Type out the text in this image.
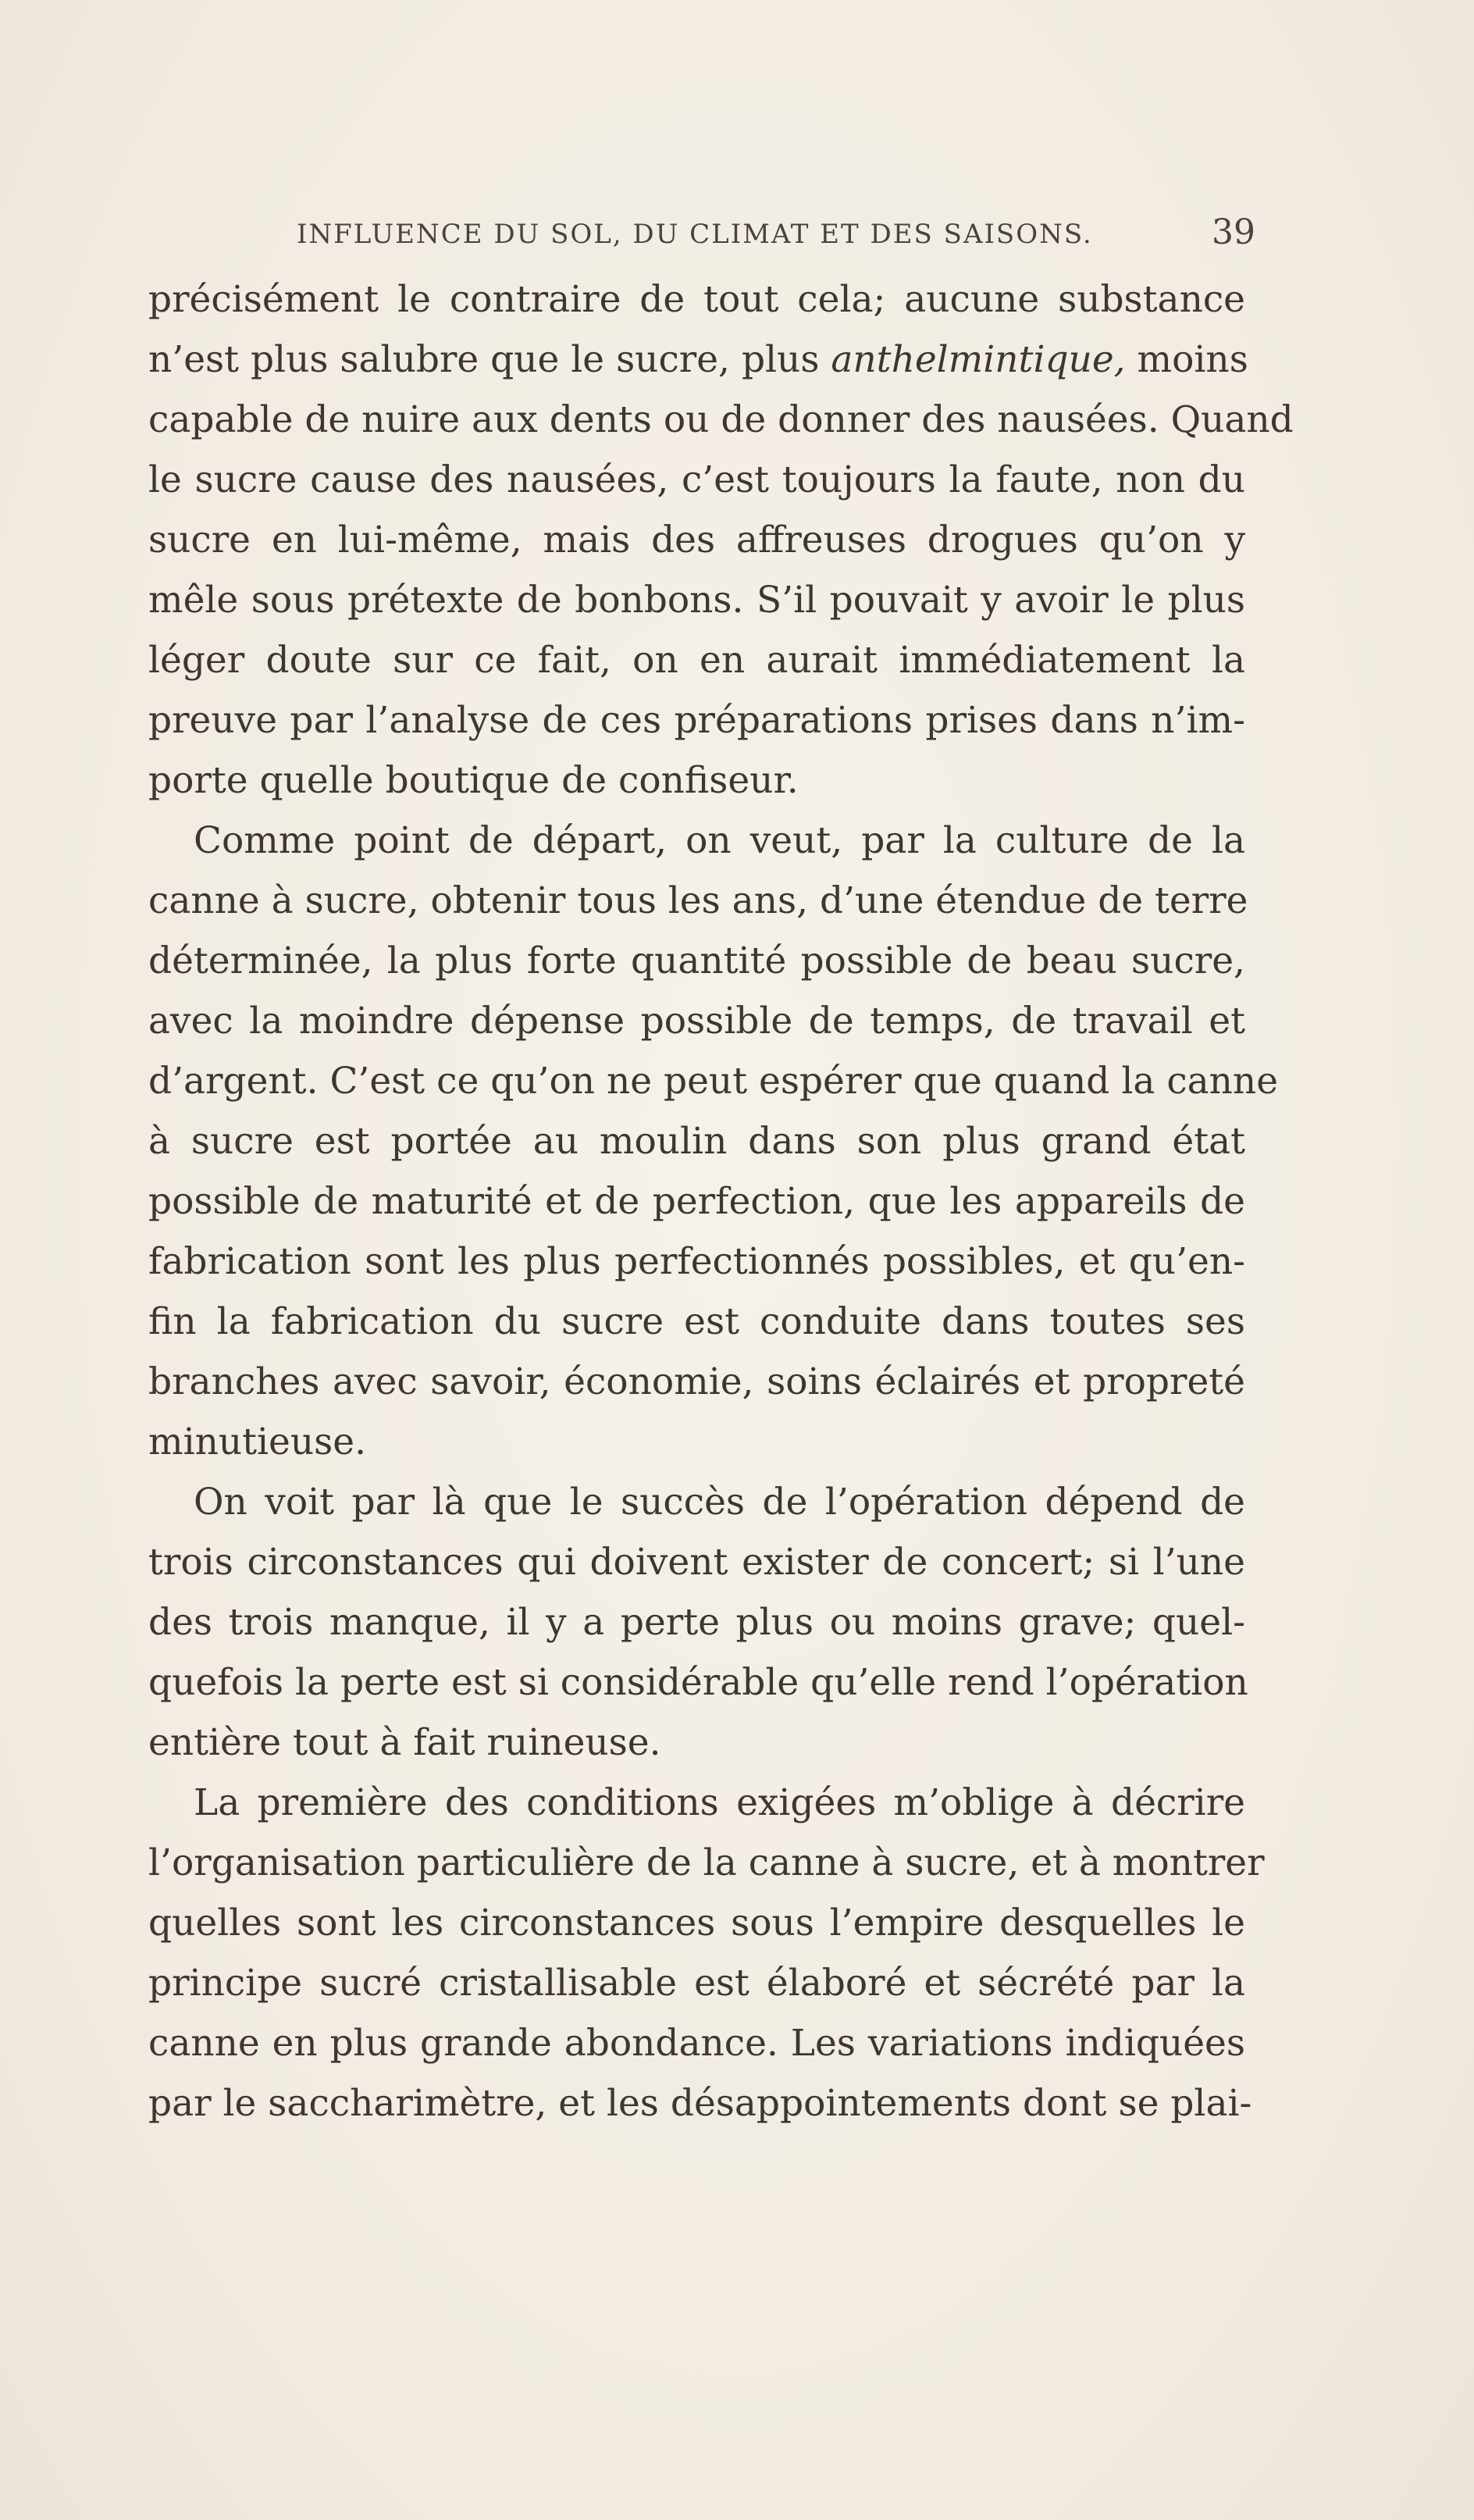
INFLUENCE DU SOL, DU CLIMAT ET DES SAISONS.	39
précisément le contraire de tout cela; aucune substance
n’est plus salubre que le sucre, plus anthelmintique, moins
capable de nuire aux dents ou de donner des nausées. Quand
le sucre cause des nausées, c’est toujours la faute, non du
sucre en lui-même, mais des affreuses drogues qu’on y
mêle sous prétexte de bonbons. S’il pouvait y avoir le plus
léger doute sur ce fait, on en aurait immédiatement la
preuve par l’analyse de ces préparations prises dans n’im-
porte quelle boutique de confiseur.
Comme point de départ, on veut, par la culture de la
canne à sucre, obtenir tous les ans, d’une étendue de terre
déterminée, la plus forte quantité possible de beau sucre,
avec la moindre dépense possible de temps, de travail et
d’argent. C’est ce qu’on ne peut espérer que quand la canne
à sucre est portée au moulin dans son plus grand état
possible de maturité et de perfection, que les appareils de
fabrication sont les plus perfectionnés possibles, et qu’en-
fin la fabrication du sucre est conduite dans toutes ses
branches avec savoir, économie, soins éclairés et propreté
minutieuse.
On voit par là que le succès de l’opération dépend de
trois circonstances qui doivent exister de concert; si l’une
des trois manque, il y a perte plus ou moins grave; quel-
quefois la perte est si considérable qu’elle rend l’opération
entière tout à fait ruineuse.
La première des conditions exigées m’oblige à décrire
l’organisation particulière de la canne à sucre, et à montrer
quelles sont les circonstances sous l’empire desquelles le
principe sucré cristallisable est élaboré et sécrété par la
canne en plus grande abondance. Les variations indiquées
par le saccharimètre, et les désappointements dont se plai-
